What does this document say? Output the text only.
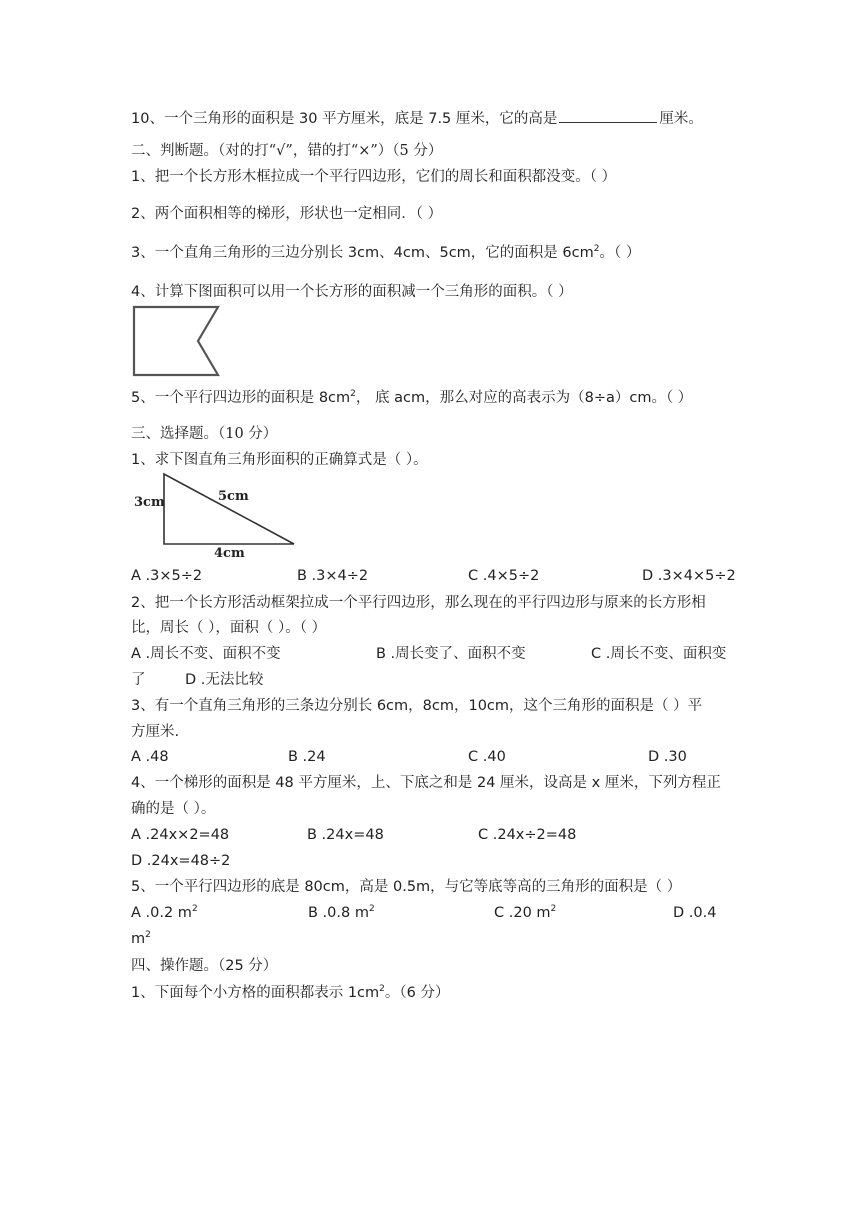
10、一个三角形的面积是 30 平方厘米，底是 7.5 厘米，它的高是	厘米。
二、判断题。（对的打“√”，错的打“×”）（5 分）
1、把一个长方形木框拉成一个平行四边形，它们的周长和面积都没变。（ ）
2、两个面积相等的梯形，形状也一定相同．（ ）
3、一个直角三角形的三边分别长 3cm、4cm、5cm，它的面积是 $6cm^2$。（ ）
4、计算下图面积可以用一个长方形的面积减一个三角形的面积。（ ）
5、一个平行四边形的面积是 $8cm^2$， 底 acm，那么对应的高表示为（8÷a）cm。（ ）
三、选择题。（10 分）
1、求下图直角三角形面积的正确算式是（ ）。
3cm	5cm
4cm
A .3×5÷2	B .3×4÷2	C .4×5÷2	D .3×4×5÷2
2、把一个长方形活动框架拉成一个平行四边形，那么现在的平行四边形与原来的长方形相
比，周长（ ），面积（ ）。（ ）
A .周长不变、面积不变	B .周长变了、面积不变	C .周长不变、面积变
了	D .无法比较
3、有一个直角三角形的三条边分别长 6cm，8cm，10cm，这个三角形的面积是（ ）平
方厘米.
A .48	B .24	C .40	D .30
4、一个梯形的面积是 48 平方厘米，上、下底之和是 24 厘米，设高是 x 厘米，下列方程正
确的是（ ）。
A .24x×2=48	B .24x=48	C .24x÷2=48
D .24x=48÷2
5、一个平行四边形的底是 80cm，高是 0.5m，与它等底等高的三角形的面积是（ ）
A .0.2 $m^2$	B .0.8 $m^2$	C .20 $m^2$	D .0.4
$m^2$
四、操作题。（25 分）
1、下面每个小方格的面积都表示 $1cm^2$。（6 分）
